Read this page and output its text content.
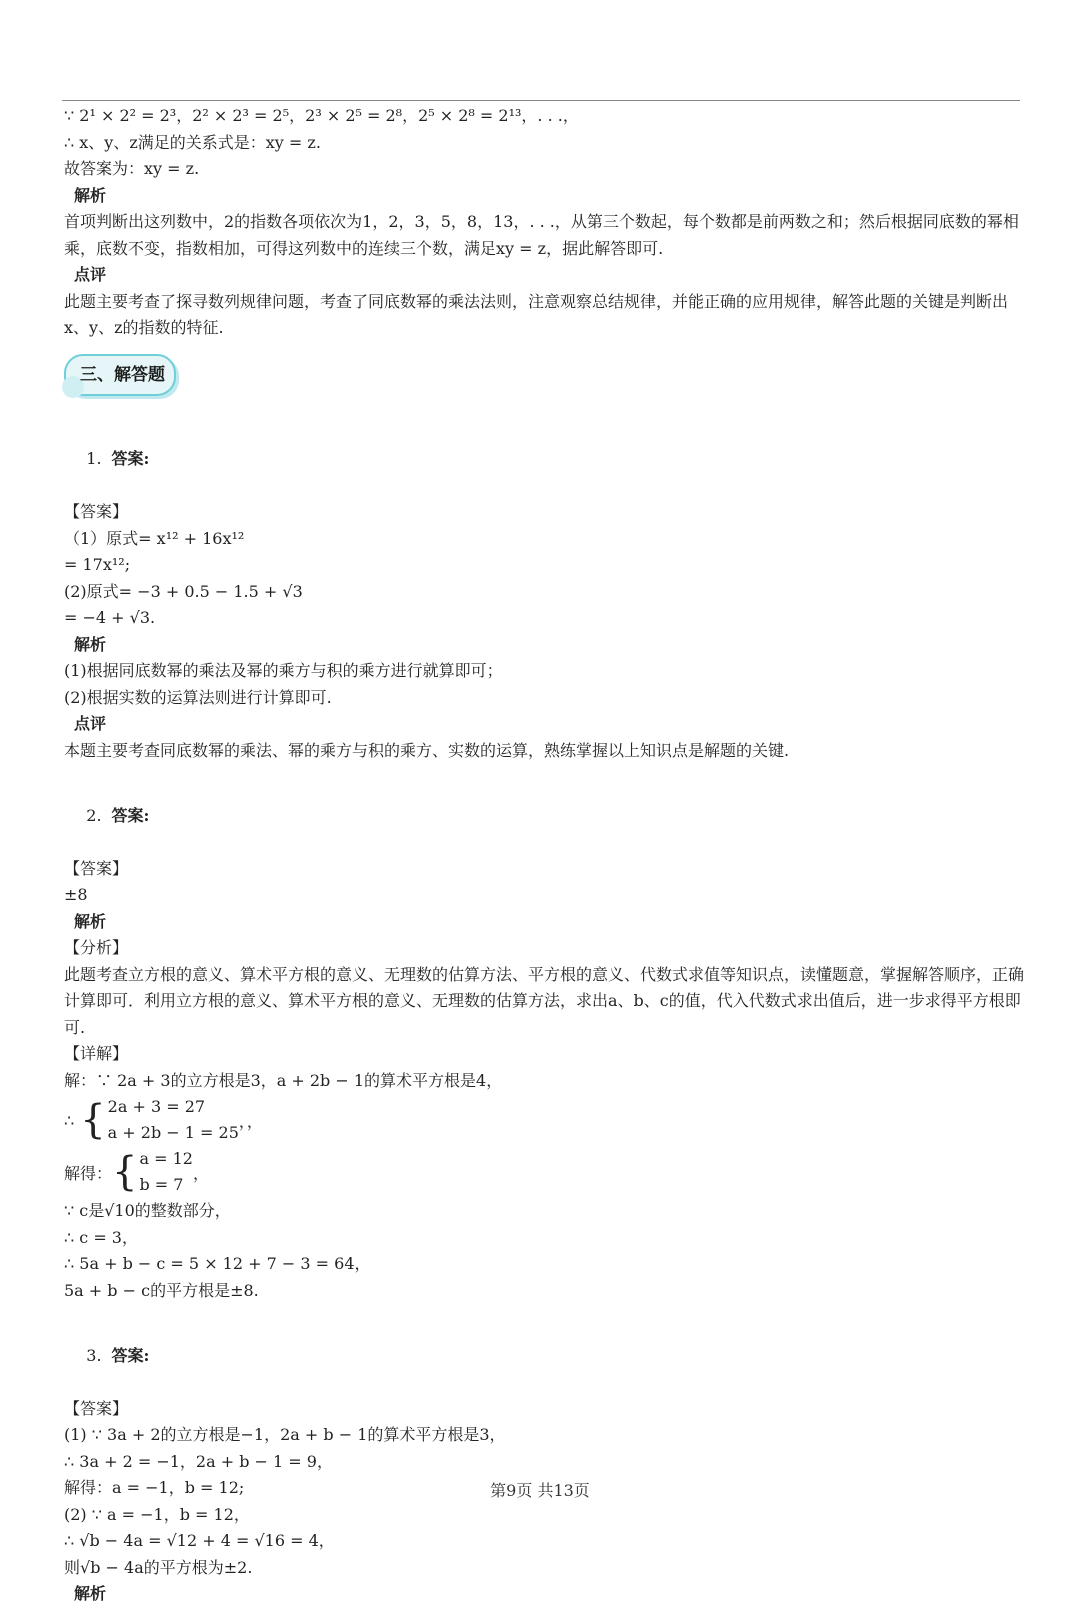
∵ 2¹ × 2² = 2³，2² × 2³ = 2⁵，2³ × 2⁵ = 2⁸，2⁵ × 2⁸ = 2¹³，. . .，
∴ x、y、z满足的关系式是：xy = z.
故答案为：xy = z.
解析
首项判断出这列数中，2的指数各项依次为1，2，3，5，8，13，. . .，从第三个数起，每个数都是前两数之和；然后根据同底数的幂相乘，底数不变，指数相加，可得这列数中的连续三个数，满足xy = z，据此解答即可.
点评
此题主要考查了探寻数列规律问题，考查了同底数幂的乘法法则，注意观察总结规律，并能正确的应用规律，解答此题的关键是判断出x、y、z的指数的特征.
三、解答题

1. 答案:

【答案】
（1）原式= x¹² + 16x¹²
= 17x¹²;
(2)原式= −3 + 0.5 − 1.5 + √3
= −4 + √3.
解析
(1)根据同底数幂的乘法及幂的乘方与积的乘方进行就算即可；
(2)根据实数的运算法则进行计算即可.
点评
本题主要考查同底数幂的乘法、幂的乘方与积的乘方、实数的运算，熟练掌握以上知识点是解题的关键.

2. 答案:

【答案】
±8
解析
【分析】
此题考查立方根的意义、算术平方根的意义、无理数的估算方法、平方根的意义、代数式求值等知识点，读懂题意，掌握解答顺序，正确计算即可．利用立方根的意义、算术平方根的意义、无理数的估算方法，求出a、b、c的值，代入代数式求出值后，进一步求得平方根即可.
【详解】
解：∵ 2a + 3的立方根是3，a + 2b − 1的算术平方根是4，
∴ { 2a + 3 = 27
a + 2b − 1 = 25
，，
解得： { a = 12
b = 7
，
∵ c是√10的整数部分，
∴ c = 3，
∴ 5a + b − c = 5 × 12 + 7 − 3 = 64，
5a + b − c的平方根是±8.

3. 答案:

【答案】
(1) ∵ 3a + 2的立方根是−1，2a + b − 1的算术平方根是3，
∴ 3a + 2 = −1，2a + b − 1 = 9，
解得：a = −1，b = 12;
(2) ∵ a = −1，b = 12，
∴ √b − 4a = √12 + 4 = √16 = 4，
则√b − 4a的平方根为±2.
解析
第9页 共13页
